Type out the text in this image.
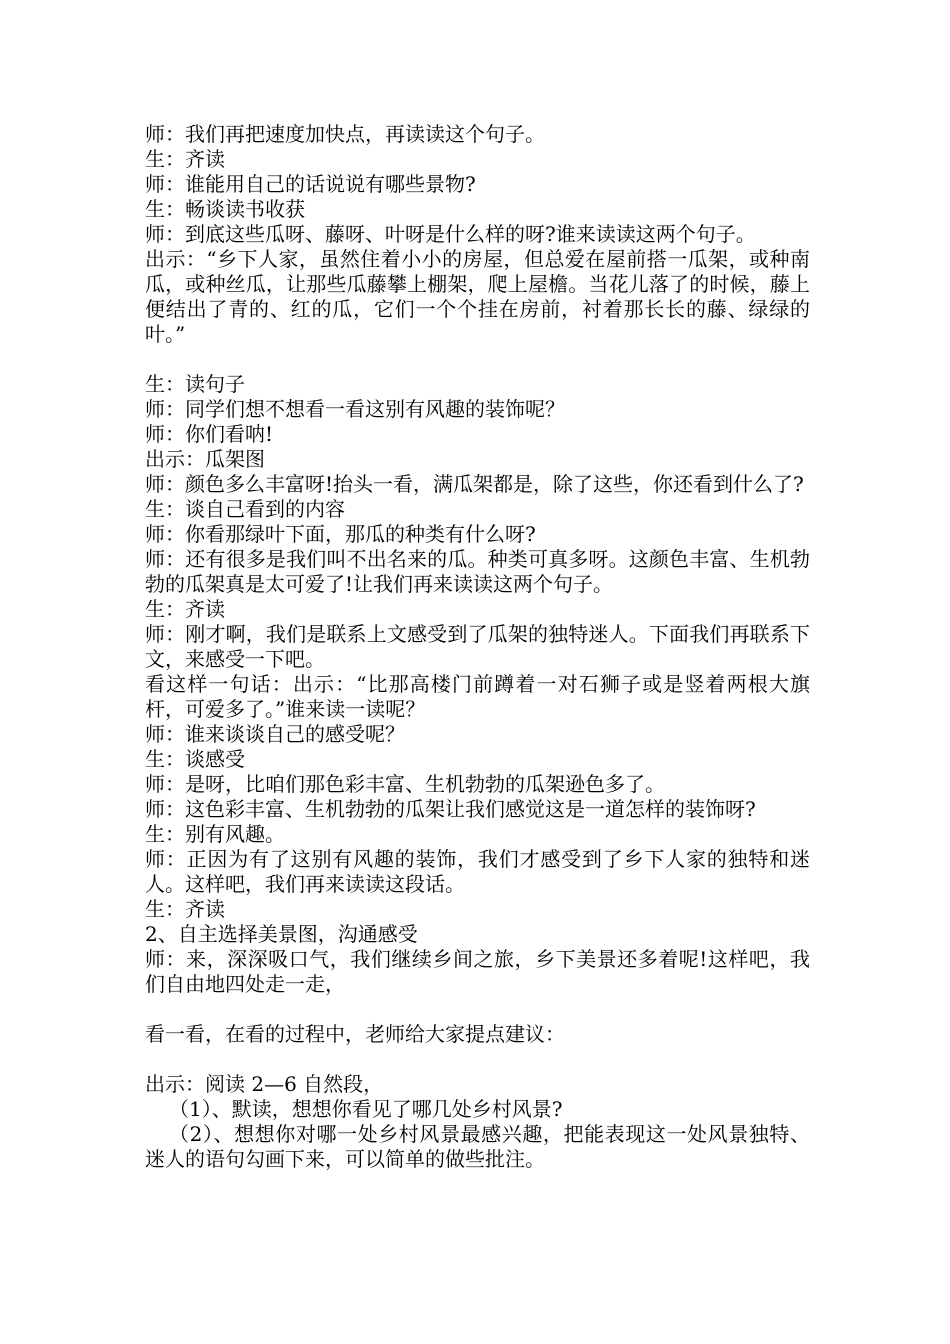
师：我们再把速度加快点，再读读这个句子。

生：齐读

师：谁能用自己的话说说有哪些景物?

生：畅谈读书收获

师：到底这些瓜呀、藤呀、叶呀是什么样的呀?谁来读读这两个句子。

出示：“乡下人家，虽然住着小小的房屋，但总爱在屋前搭一瓜架，或种南瓜，或种丝瓜，让那些瓜藤攀上棚架，爬上屋檐。当花儿落了的时候，藤上便结出了青的、红的瓜，它们一个个挂在房前，衬着那长长的藤、绿绿的叶。”

生：读句子

师：同学们想不想看一看这别有风趣的装饰呢？

师：你们看呐!

出示：瓜架图

师：颜色多么丰富呀!抬头一看，满瓜架都是，除了这些，你还看到什么了?

生：谈自己看到的内容

师：你看那绿叶下面，那瓜的种类有什么呀?

师：还有很多是我们叫不出名来的瓜。种类可真多呀。这颜色丰富、生机勃勃的瓜架真是太可爱了!让我们再来读读这两个句子。

生：齐读

师：刚才啊，我们是联系上文感受到了瓜架的独特迷人。下面我们再联系下文，来感受一下吧。

看这样一句话：出示：“比那高楼门前蹲着一对石狮子或是竖着两根大旗杆，可爱多了。”谁来读一读呢？

师：谁来谈谈自己的感受呢？

生：谈感受

师：是呀，比咱们那色彩丰富、生机勃勃的瓜架逊色多了。

师：这色彩丰富、生机勃勃的瓜架让我们感觉这是一道怎样的装饰呀?

生：别有风趣。

师：正因为有了这别有风趣的装饰，我们才感受到了乡下人家的独特和迷人。这样吧，我们再来读读这段话。

生：齐读

2、自主选择美景图，沟通感受

师：来，深深吸口气，我们继续乡间之旅，乡下美景还多着呢!这样吧，我们自由地四处走一走，

看一看，在看的过程中，老师给大家提点建议：

出示：阅读 2—6 自然段，

（1）、默读，想想你看见了哪几处乡村风景?

（2）、想想你对哪一处乡村风景最感兴趣，把能表现这一处风景独特、迷人的语句勾画下来，可以简单的做些批注。
